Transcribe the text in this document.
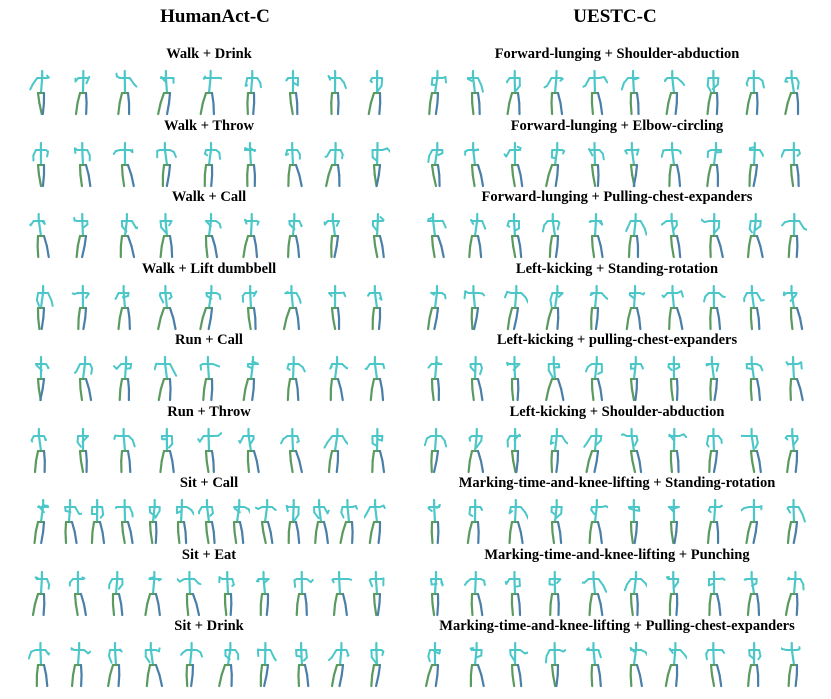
HumanAct-C	UESTC-C
Walk + Drink
Walk + Throw
Walk + Call
Walk + Lift dumbbell
Run + Call
Run + Throw
Sit + Call
Sit + Eat
Sit + Drink
Forward-lunging + Shoulder-abduction
Forward-lunging + Elbow-circling
Forward-lunging + Pulling-chest-expanders
Left-kicking + Standing-rotation
Left-kicking + pulling-chest-expanders
Left-kicking + Shoulder-abduction
Marking-time-and-knee-lifting + Standing-rotation
Marking-time-and-knee-lifting + Punching
Marking-time-and-knee-lifting + Pulling-chest-expanders
